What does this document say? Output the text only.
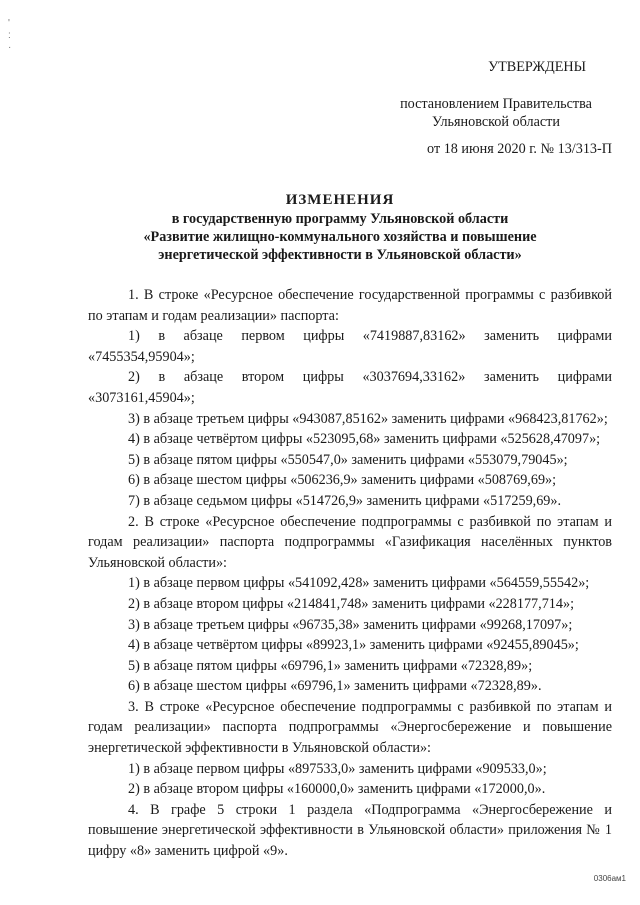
'
:
·
УТВЕРЖДЕНЫ
постановлением Правительства
Ульяновской области
от 18 июня 2020 г. № 13/313-П
ИЗМЕНЕНИЯ
в государственную программу Ульяновской области
«Развитие жилищно-коммунального хозяйства и повышение
энергетической эффективности в Ульяновской области»
1. В строке «Ресурсное обеспечение государственной программы с разбивкой по этапам и годам реализации» паспорта:
1) в абзаце первом цифры «7419887,83162» заменить цифрами «7455354,95904»;
2) в абзаце втором цифры «3037694,33162» заменить цифрами «3073161,45904»;
3) в абзаце третьем цифры «943087,85162» заменить цифрами «968423,81762»;
4) в абзаце четвёртом цифры «523095,68» заменить цифрами «525628,47097»;
5) в абзаце пятом цифры «550547,0» заменить цифрами «553079,79045»;
6) в абзаце шестом цифры «506236,9» заменить цифрами «508769,69»;
7) в абзаце седьмом цифры «514726,9» заменить цифрами «517259,69».
2. В строке «Ресурсное обеспечение подпрограммы с разбивкой по этапам и годам реализации» паспорта подпрограммы «Газификация населённых пунктов Ульяновской области»:
1) в абзаце первом цифры «541092,428» заменить цифрами «564559,55542»;
2) в абзаце втором цифры «214841,748» заменить цифрами «228177,714»;
3) в абзаце третьем цифры «96735,38» заменить цифрами «99268,17097»;
4) в абзаце четвёртом цифры «89923,1» заменить цифрами «92455,89045»;
5) в абзаце пятом цифры «69796,1» заменить цифрами «72328,89»;
6) в абзаце шестом цифры «69796,1» заменить цифрами «72328,89».
3. В строке «Ресурсное обеспечение подпрограммы с разбивкой по этапам и годам реализации» паспорта подпрограммы «Энергосбережение и повышение энергетической эффективности в Ульяновской области»:
1) в абзаце первом цифры «897533,0» заменить цифрами «909533,0»;
2) в абзаце втором цифры «160000,0» заменить цифрами «172000,0».
4. В графе 5 строки 1 раздела «Подпрограмма «Энергосбережение и повышение энергетической эффективности в Ульяновской области» приложения № 1 цифру «8» заменить цифрой «9».
0306ам1
